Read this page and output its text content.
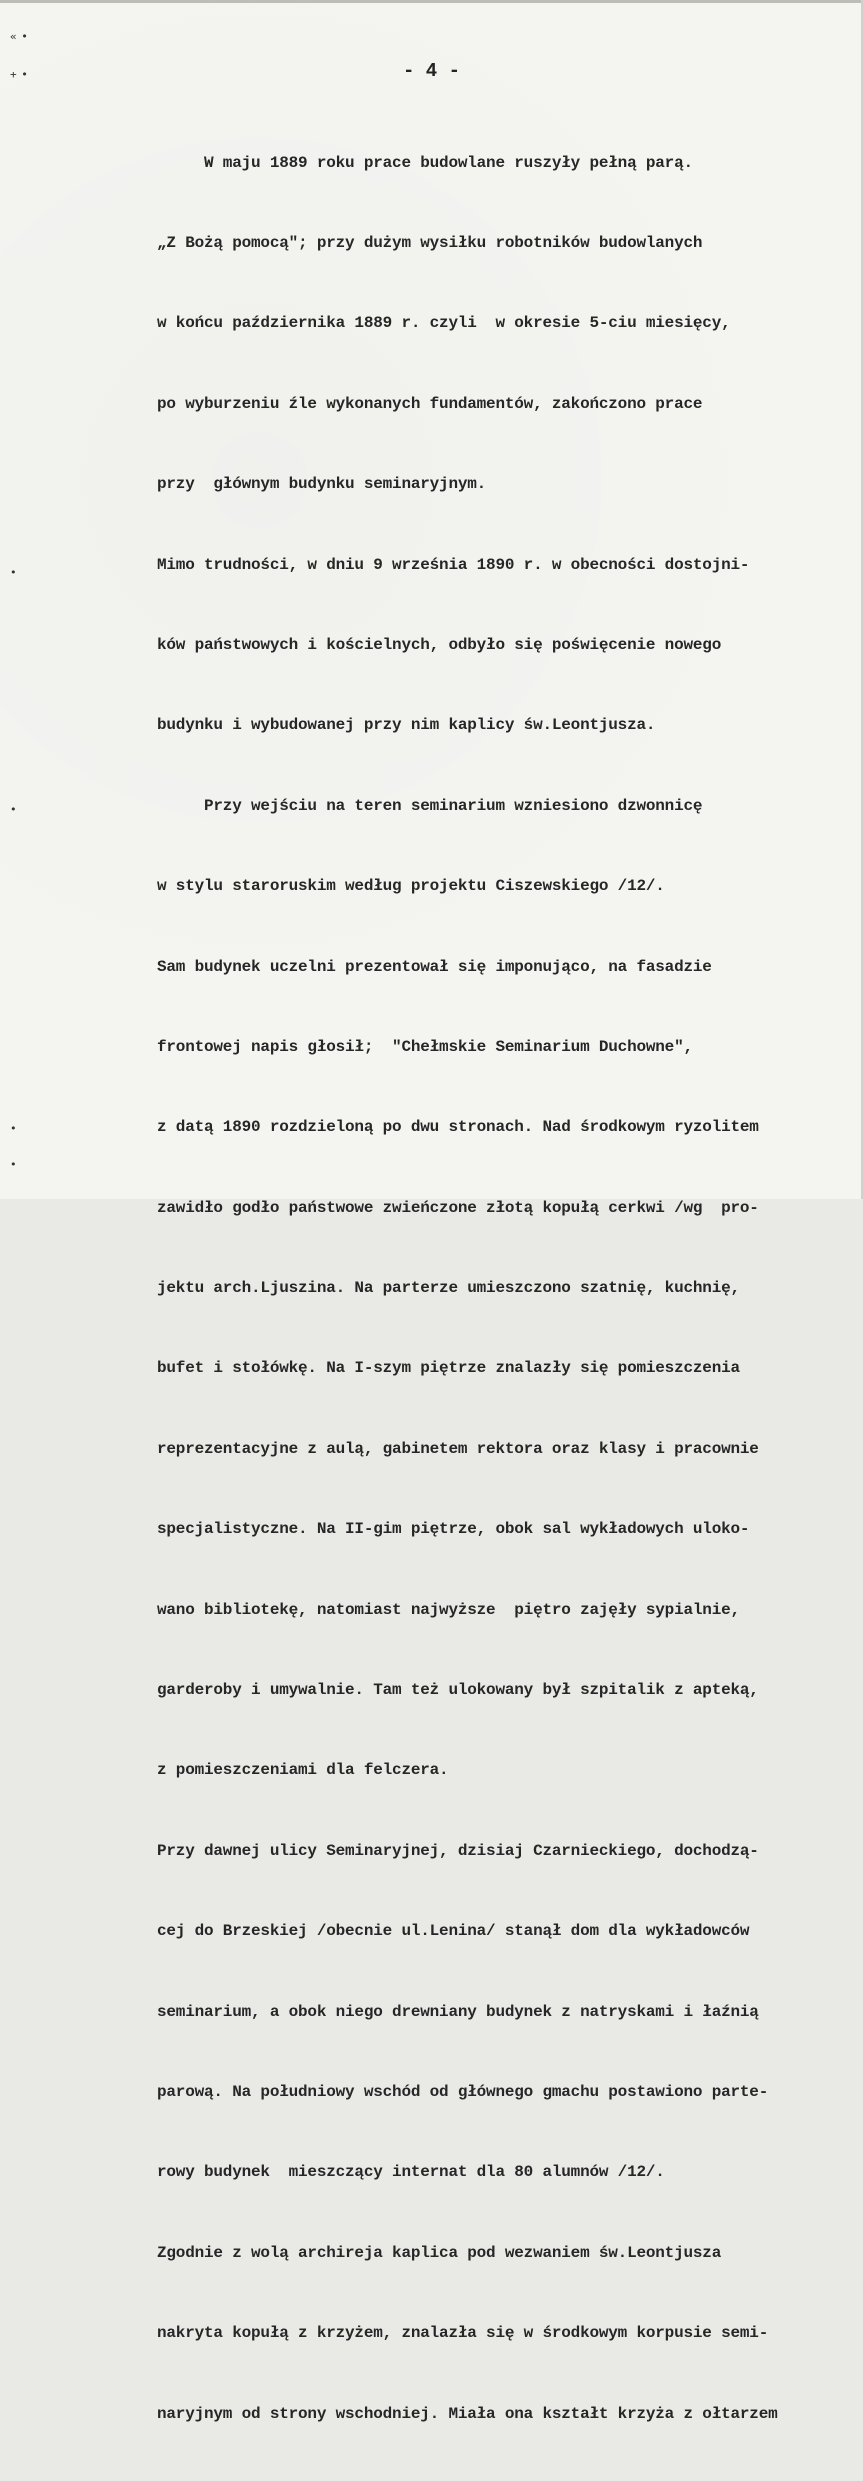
« •
+ •
•
•
•
•
- 4 -

W maju 1889 roku prace budowlane ruszyły pełną parą.

„Z Bożą pomocą"; przy dużym wysiłku robotników budowlanych

w końcu października 1889 r. czyli  w okresie 5-ciu miesięcy,

po wyburzeniu źle wykonanych fundamentów, zakończono prace

przy  głównym budynku seminaryjnym.

Mimo trudności, w dniu 9 września 1890 r. w obecności dostojni-

ków państwowych i kościelnych, odbyło się poświęcenie nowego

budynku i wybudowanej przy nim kaplicy św.Leontjusza.

Przy wejściu na teren seminarium wzniesiono dzwonnicę

w stylu staroruskim według projektu Ciszewskiego /12/.

Sam budynek uczelni prezentował się imponująco, na fasadzie

frontowej napis głosił;  "Chełmskie Seminarium Duchowne",

z datą 1890 rozdzieloną po dwu stronach. Nad środkowym ryzolitem

zawidło godło państwowe zwieńczone złotą kopułą cerkwi /wg  pro-

jektu arch.Ljuszina. Na parterze umieszczono szatnię, kuchnię,

bufet i stołówkę. Na I-szym piętrze znalazły się pomieszczenia

reprezentacyjne z aulą, gabinetem rektora oraz klasy i pracownie

specjalistyczne. Na II-gim piętrze, obok sal wykładowych uloko-

wano bibliotekę, natomiast najwyższe  piętro zajęły sypialnie,

garderoby i umywalnie. Tam też ulokowany był szpitalik z apteką,

z pomieszczeniami dla felczera.

Przy dawnej ulicy Seminaryjnej, dzisiaj Czarnieckiego, dochodzą-

cej do Brzeskiej /obecnie ul.Lenina/ stanął dom dla wykładowców

seminarium, a obok niego drewniany budynek z natryskami i łaźnią

parową. Na południowy wschód od głównego gmachu postawiono parte-

rowy budynek  mieszczący internat dla 80 alumnów /12/.

Zgodnie z wolą archireja kaplica pod wezwaniem św.Leontjusza

nakryta kopułą z krzyżem, znalazła się w środkowym korpusie semi-

naryjnym od strony wschodniej. Miała ona kształt krzyża z ołtarzem
